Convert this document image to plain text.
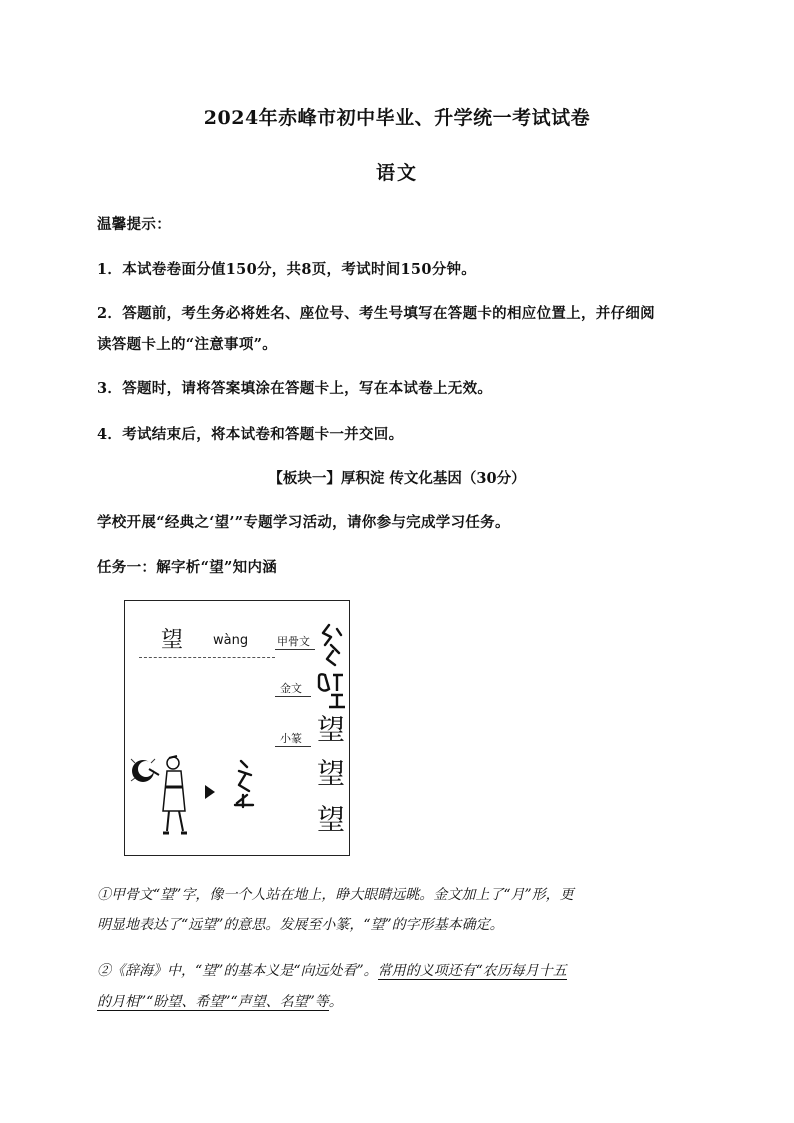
2024年赤峰市初中毕业、升学统一考试试卷
语文
温馨提示：
1．本试卷卷面分值150分，共8页，考试时间150分钟。
2．答题前，考生务必将姓名、座位号、考生号填写在答题卡的相应位置上，并仔细阅
读答题卡上的“注意事项”。
3．答题时，请将答案填涂在答题卡上，写在本试卷上无效。
4．考试结束后，将本试卷和答题卡一并交回。
【板块一】厚积淀 传文化基因（30分）
学校开展“经典之‘望’”专题学习活动，请你参与完成学习任务。
任务一：解字析“望”知内涵
望 wàng	甲骨文
金文
小篆 望
望
望
①甲骨文“望”字，像一个人站在地上，睁大眼睛远眺。金文加上了“月”形，更
明显地表达了“远望”的意思。发展至小篆，“望”的字形基本确定。
②《辞海》中，“望”的基本义是“向远处看”。常用的义项还有“农历每月十五
的月相”“盼望、希望”“声望、名望”等。
